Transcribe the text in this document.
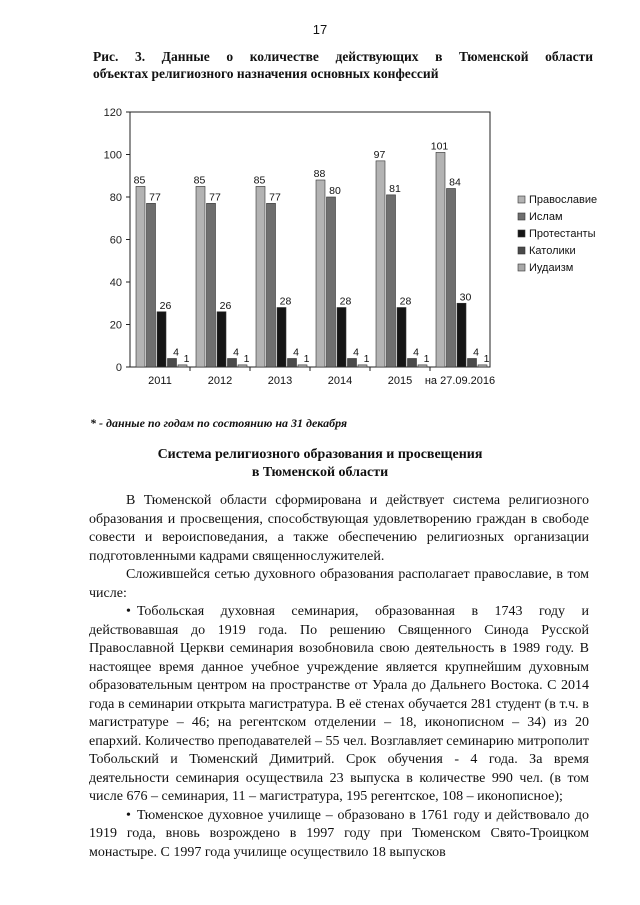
17
Рис. 3. Данные о количестве действующих в Тюменской области
объектах религиозного назначения основных конфессий
0
20
40
60
80
100
120
85
77
26
4
1
2011
85
77
26
4
1
2012
85
77
28
4
1
2013
88
80
28
4
1
2014
97
81
28
4
1
2015
101
84
30
4
1
на 27.09.2016
Православие
Ислам
Протестанты
Католики
Иудаизм
* - данные по годам по состоянию на 31 декабря
Система религиозного образования и просвещения
в Тюменской области

В Тюменской области сформирована и действует система религиозного образования и просвещения, способствующая удовлетворению граждан в свободе совести и вероисповедания, а также обеспечению религиозных организации подготовленными кадрами священнослужителей.

Сложившейся сетью духовного образования располагает православие, в том числе:

• Тобольская духовная семинария, образованная в 1743 году и действовавшая до 1919 года. По решению Священного Синода Русской Православной Церкви семинария возобновила свою деятельность в 1989 году. В настоящее время данное учебное учреждение является крупнейшим духовным образовательным центром на пространстве от Урала до Дальнего Востока. С 2014 года в семинарии открыта магистратура. В её стенах обучается 281 студент (в т.ч. в магистратуре – 46; на регентском отделении – 18, иконописном – 34) из 20 епархий. Количество преподавателей – 55 чел. Возглавляет семинарию митрополит Тобольский и Тюменский Димитрий. Срок обучения - 4 года. За время деятельности семинария осуществила 23 выпуска в количестве 990 чел. (в том числе 676 – семинария, 11 – магистратура, 195 регентское, 108 – иконописное);

• Тюменское духовное училище – образовано в 1761 году и действовало до 1919 года, вновь возрождено в 1997 году при Тюменском Свято-Троицком монастыре. С 1997 года училище осуществило 18 выпусков
